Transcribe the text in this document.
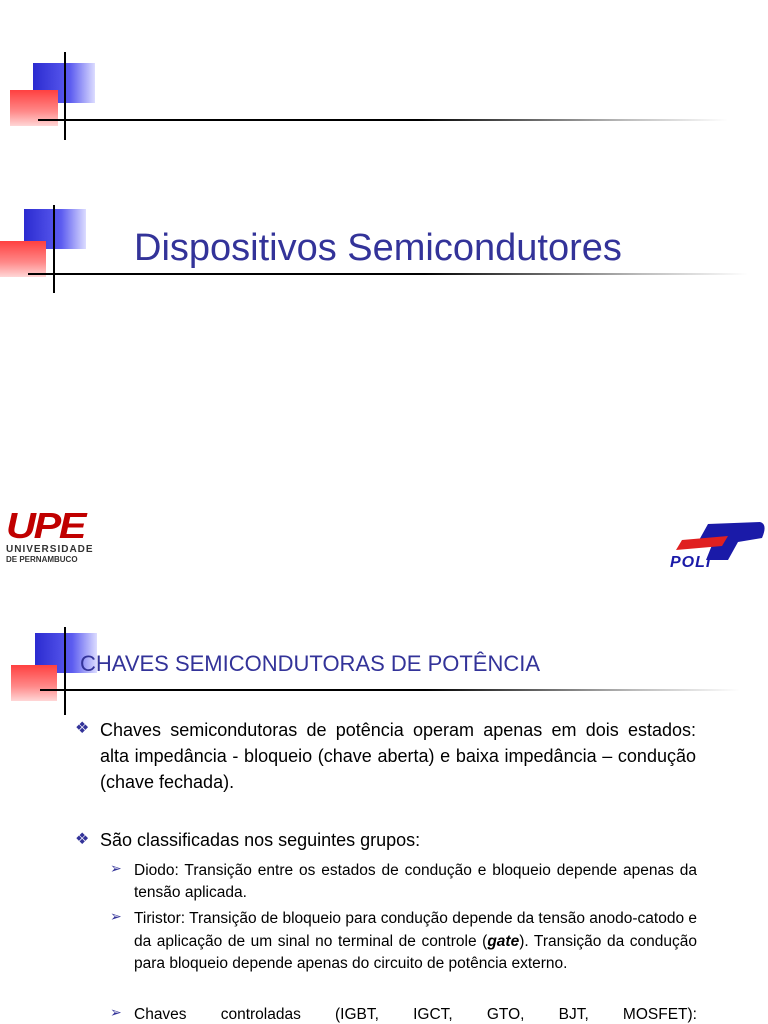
Dispositivos Semicondutores
UPE
UNIVERSIDADE
DE PERNAMBUCO	POLI
CHAVES SEMICONDUTORAS DE POTÊNCIA
❖ Chaves semicondutoras de potência operam apenas em dois estados: alta impedância - bloqueio (chave aberta) e baixa impedância – condução (chave fechada).

❖ São classificadas nos seguintes grupos:

➢ Diodo: Transição entre os estados de condução e bloqueio depende apenas da tensão aplicada.

➢ Tiristor: Transição de bloqueio para condução depende da tensão anodo-catodo e da aplicação de um sinal no terminal de controle (gate). Transição da condução para bloqueio depende apenas do circuito de potência externo.

➢ Chaves controladas (IGBT, IGCT, GTO, BJT, MOSFET):
